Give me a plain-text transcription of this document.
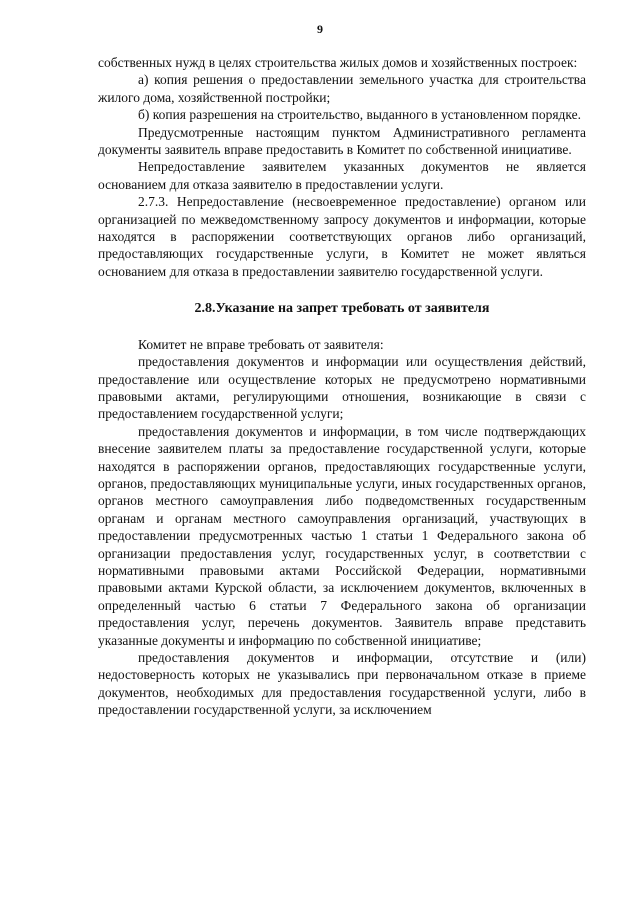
9

собственных нужд в целях строительства жилых домов и хозяйственных построек:

а) копия решения о предоставлении земельного участка для строительства жилого дома, хозяйственной постройки;

б) копия разрешения на строительство, выданного в установленном порядке.

Предусмотренные настоящим пунктом Административного регламента документы заявитель вправе предоставить в Комитет по собственной инициативе.

Непредоставление заявителем указанных документов не является основанием для отказа заявителю в предоставлении услуги.

2.7.3. Непредоставление (несвоевременное предоставление) органом или организацией по межведомственному запросу документов и информации, которые находятся в распоряжении соответствующих органов либо организаций, предоставляющих государственные услуги, в Комитет не может являться основанием для отказа в предоставлении заявителю государственной услуги.

2.8.Указание на запрет требовать от заявителя

Комитет не вправе требовать от заявителя:

предоставления документов и информации или осуществления действий, предоставление или осуществление которых не предусмотрено нормативными правовыми актами, регулирующими отношения, возникающие в связи с предоставлением государственной услуги;

предоставления документов и информации, в том числе подтверждающих внесение заявителем платы за предоставление государственной услуги, которые находятся в распоряжении органов, предоставляющих государственные услуги, органов, предоставляющих муниципальные услуги, иных государственных органов, органов местного самоуправления либо подведомственных государственным органам и органам местного самоуправления организаций, участвующих в предоставлении предусмотренных частью 1 статьи 1 Федерального закона об организации предоставления услуг, государственных услуг, в соответствии с нормативными правовыми актами Российской Федерации, нормативными правовыми актами Курской области, за исключением документов, включенных в определенный частью 6 статьи 7 Федерального закона об организации предоставления услуг, перечень документов. Заявитель вправе представить указанные документы и информацию по собственной инициативе;

предоставления документов и информации, отсутствие и (или) недостоверность которых не указывались при первоначальном отказе в приеме документов, необходимых для предоставления государственной услуги, либо в предоставлении государственной услуги, за исключением
